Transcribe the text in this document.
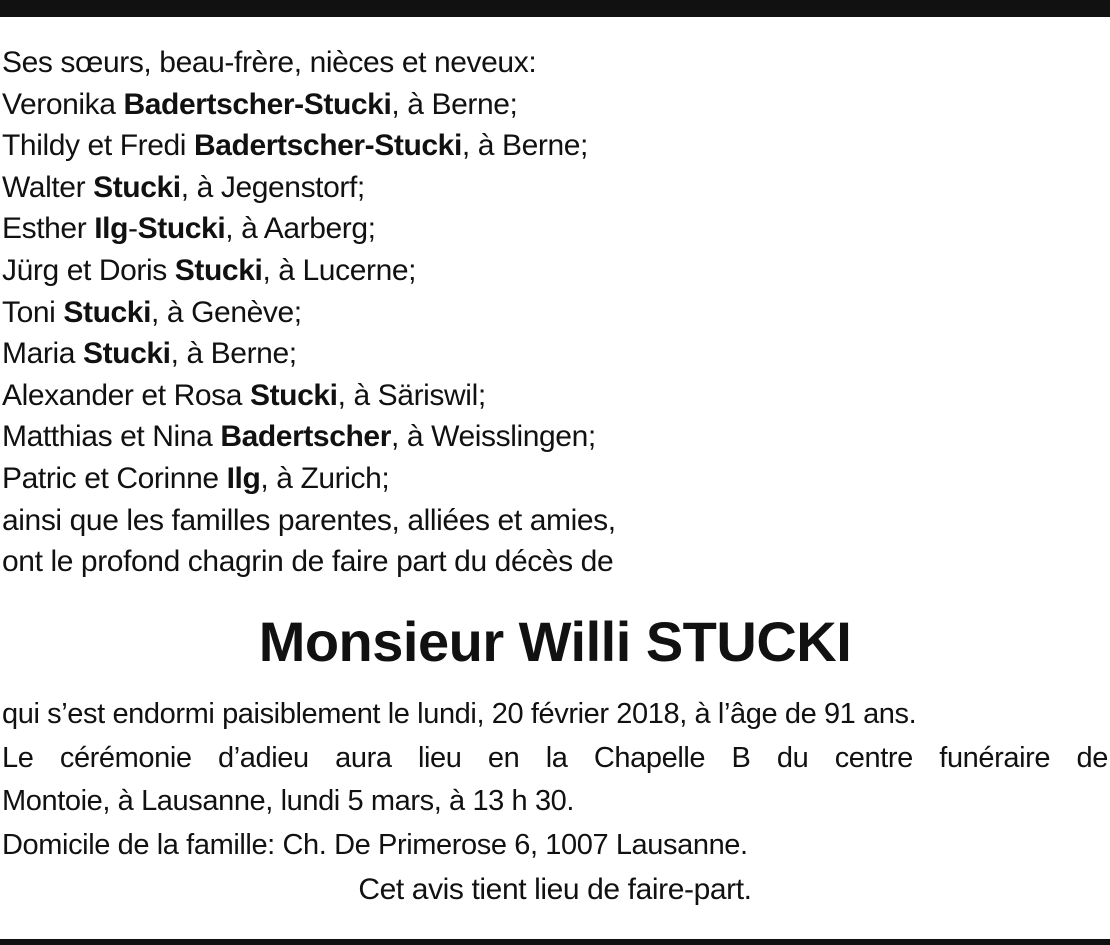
Ses sœurs, beau-frère, nièces et neveux:
Veronika Badertscher-Stucki, à Berne;
Thildy et Fredi Badertscher-Stucki, à Berne;
Walter Stucki, à Jegenstorf;
Esther Ilg-Stucki, à Aarberg;
Jürg et Doris Stucki, à Lucerne;
Toni Stucki, à Genève;
Maria Stucki, à Berne;
Alexander et Rosa Stucki, à Säriswil;
Matthias et Nina Badertscher, à Weisslingen;
Patric et Corinne Ilg, à Zurich;
ainsi que les familles parentes, alliées et amies,
ont le profond chagrin de faire part du décès de
Monsieur Willi STUCKI
qui s’est endormi paisiblement le lundi, 20 février 2018, à l’âge de 91 ans.
Le cérémonie d’adieu aura lieu en la Chapelle B du centre funéraire de
Montoie, à Lausanne, lundi 5 mars, à 13 h 30.
Domicile de la famille: Ch. De Primerose 6, 1007 Lausanne.
Cet avis tient lieu de faire-part.
